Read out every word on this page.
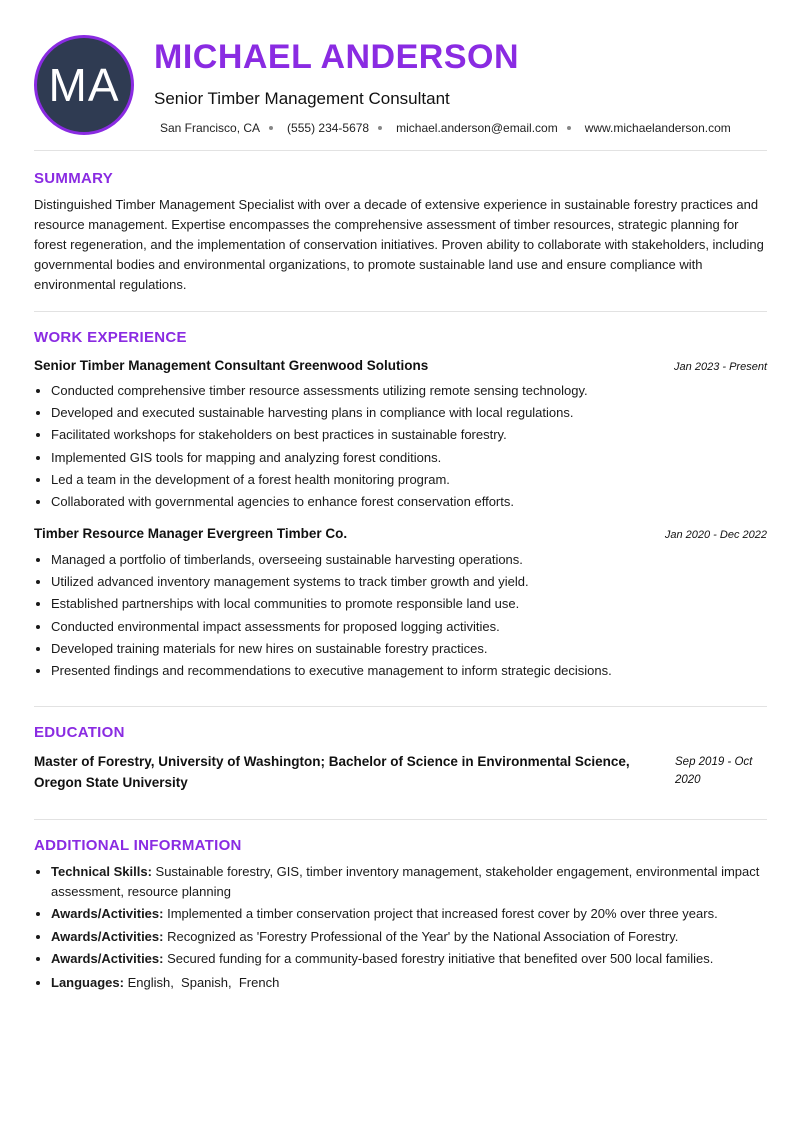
MA
MICHAEL ANDERSON
Senior Timber Management Consultant
San Francisco, CA (555) 234-5678 michael.anderson@email.com www.michaelanderson.com
SUMMARY
Distinguished Timber Management Specialist with over a decade of extensive experience in sustainable forestry practices and resource management. Expertise encompasses the comprehensive assessment of timber resources, strategic planning for forest regeneration, and the implementation of conservation initiatives. Proven ability to collaborate with stakeholders, including governmental bodies and environmental organizations, to promote sustainable land use and ensure compliance with environmental regulations.
WORK EXPERIENCE
Senior Timber Management Consultant Greenwood Solutions	Jan 2023 - Present
• Conducted comprehensive timber resource assessments utilizing remote sensing technology.
• Developed and executed sustainable harvesting plans in compliance with local regulations.
• Facilitated workshops for stakeholders on best practices in sustainable forestry.
• Implemented GIS tools for mapping and analyzing forest conditions.
• Led a team in the development of a forest health monitoring program.
• Collaborated with governmental agencies to enhance forest conservation efforts.
Timber Resource Manager Evergreen Timber Co.	Jan 2020 - Dec 2022
• Managed a portfolio of timberlands, overseeing sustainable harvesting operations.
• Utilized advanced inventory management systems to track timber growth and yield.
• Established partnerships with local communities to promote responsible land use.
• Conducted environmental impact assessments for proposed logging activities.
• Developed training materials for new hires on sustainable forestry practices.
• Presented findings and recommendations to executive management to inform strategic decisions.
EDUCATION
Master of Forestry, University of Washington; Bachelor of Science in Environmental Science, Oregon State University
Sep 2019 - Oct 2020
ADDITIONAL INFORMATION
• Technical Skills: Sustainable forestry, GIS, timber inventory management, stakeholder engagement, environmental impact assessment, resource planning
• Awards/Activities: Implemented a timber conservation project that increased forest cover by 20% over three years.
• Awards/Activities: Recognized as 'Forestry Professional of the Year' by the National Association of Forestry.
• Awards/Activities: Secured funding for a community-based forestry initiative that benefited over 500 local families.
• Languages: English,  Spanish,  French
